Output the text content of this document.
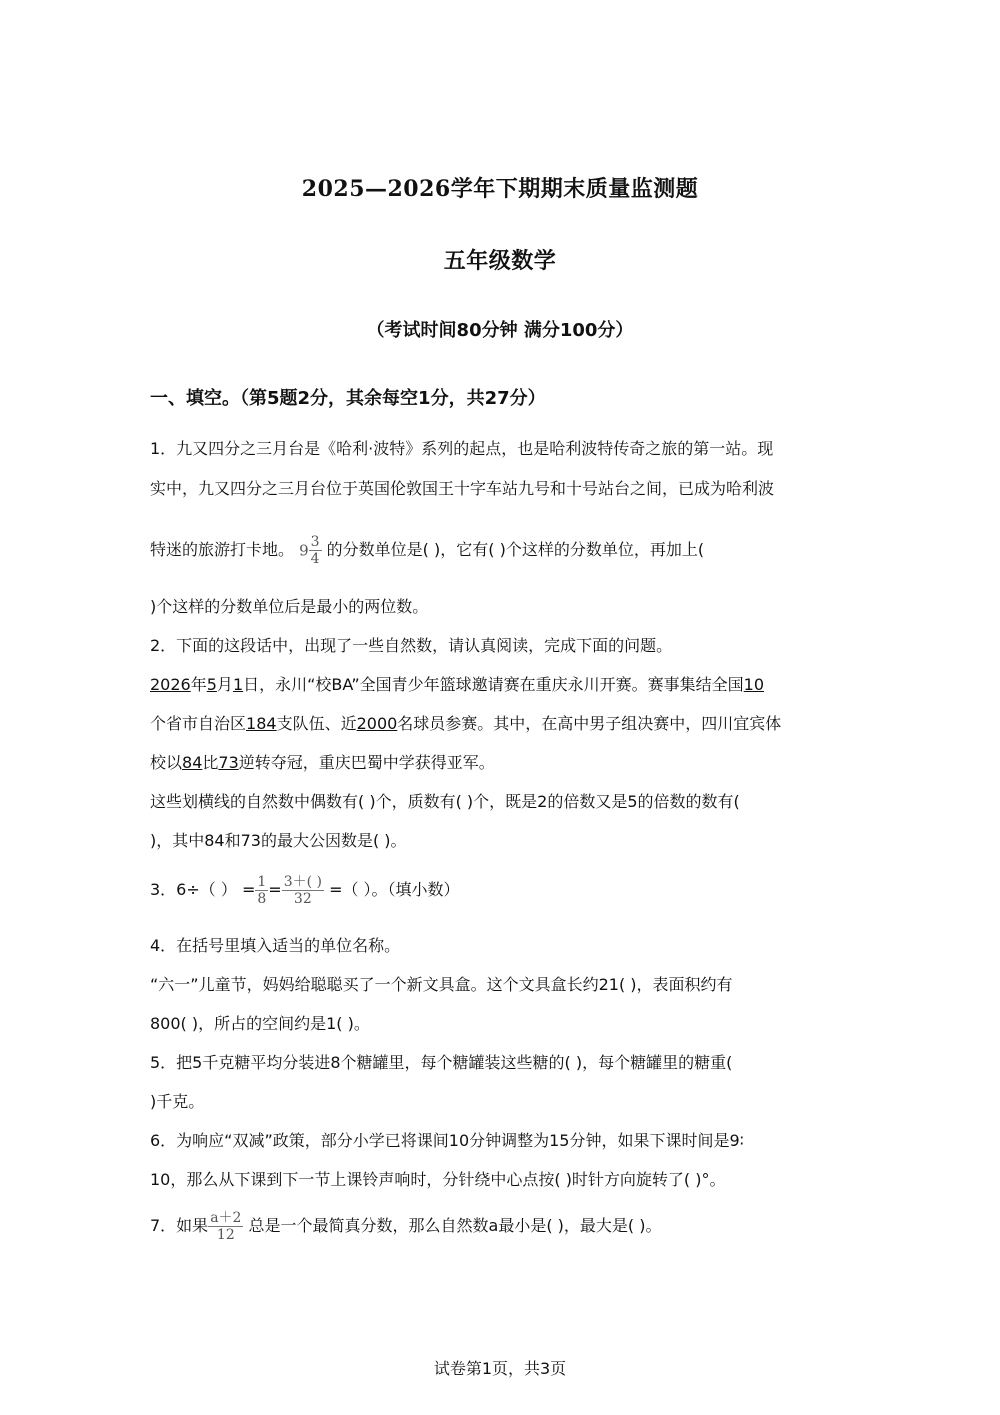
2025—2026学年下期期末质量监测题
五年级数学
（考试时间80分钟 满分100分）
一、填空。（第5题2分，其余每空1分，共27分）
1．九又四分之三月台是《哈利·波特》系列的起点，也是哈利波特传奇之旅的第一站。现
实中，九又四分之三月台位于英国伦敦国王十字车站九号和十号站台之间，已成为哈利波
特迷的旅游打卡地。 $9 \frac{3}{4}$ 的分数单位是( )，它有( )个这样的分数单位，再加上(
)个这样的分数单位后是最小的两位数。
2．下面的这段话中，出现了一些自然数，请认真阅读，完成下面的问题。
2026年5月1日，永川“校BA”全国青少年篮球邀请赛在重庆永川开赛。赛事集结全国10
个省市自治区184支队伍、近2000名球员参赛。其中，在高中男子组决赛中，四川宜宾体
校以84比73逆转夺冠，重庆巴蜀中学获得亚军。
这些划横线的自然数中偶数有( )个，质数有( )个，既是2的倍数又是5的倍数的数有(
)，其中84和73的最大公因数是( )。
3．6÷（ ） = $\frac{1}{8} = \frac{3+( )}{32}$ =（ ）。（填小数）
4．在括号里填入适当的单位名称。
“六一”儿童节，妈妈给聪聪买了一个新文具盒。这个文具盒长约21( )，表面积约有
800( )，所占的空间约是1( )。
5．把5千克糖平均分装进8个糖罐里，每个糖罐装这些糖的( )，每个糖罐里的糖重(
)千克。
6．为响应“双减”政策，部分小学已将课间10分钟调整为15分钟，如果下课时间是9∶
10，那么从下课到下一节上课铃声响时，分针绕中心点按( )时针方向旋转了( )°。
7．如果 $\frac{a+2}{12}$ 总是一个最简真分数，那么自然数a最小是( )，最大是( )。
试卷第1页，共3页
